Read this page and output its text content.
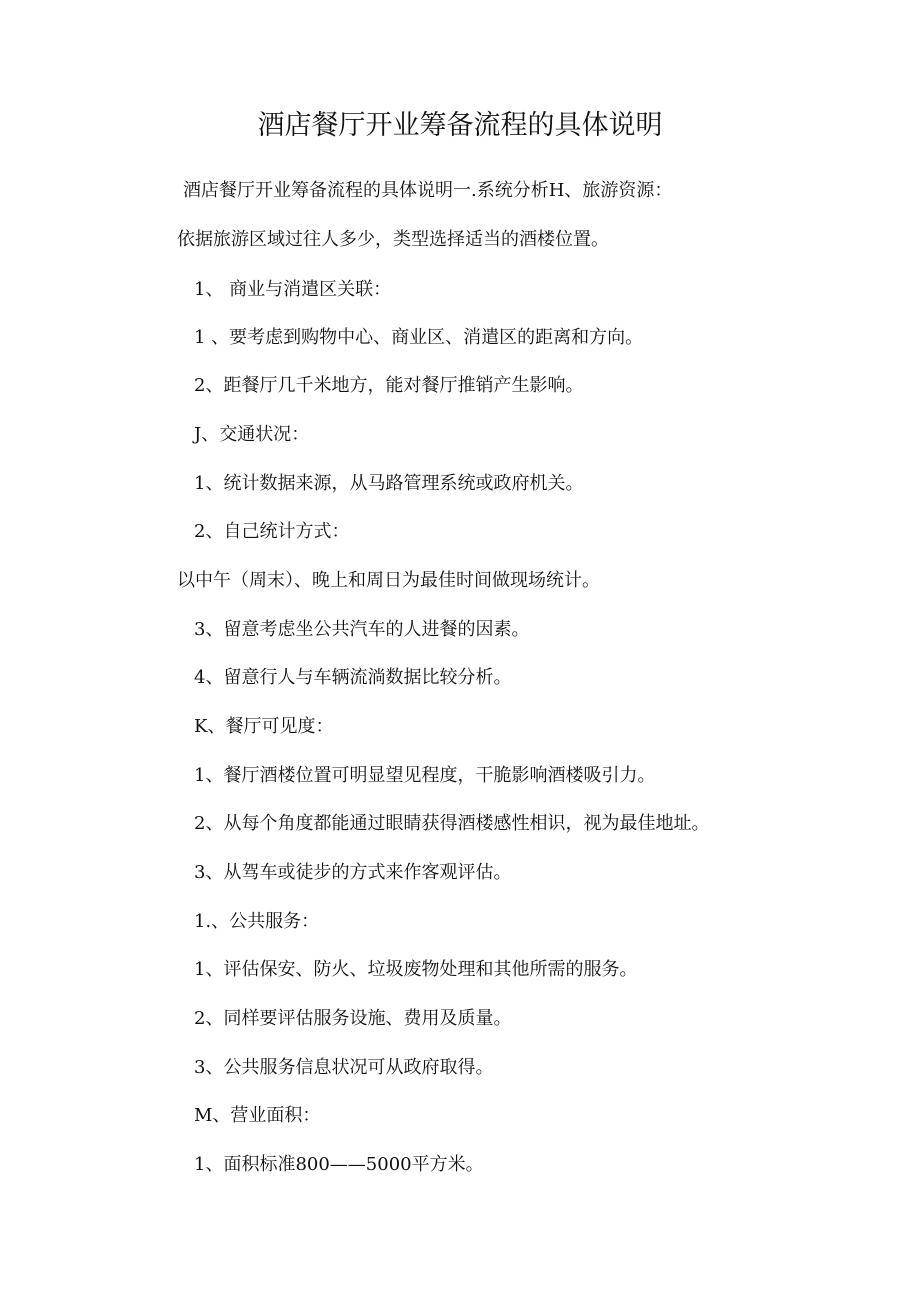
酒店餐厅开业筹备流程的具体说明
酒店餐厅开业筹备流程的具体说明一.系统分析H、旅游资源：
依据旅游区域过往人多少，类型选择适当的酒楼位置。
1、 商业与消遣区关联：
1 、要考虑到购物中心、商业区、消遣区的距离和方向。
2、距餐厅几千米地方，能对餐厅推销产生影响。
J、交通状况：
1、统计数据来源，从马路管理系统或政府机关。
2、自己统计方式：
以中午（周末）、晚上和周日为最佳时间做现场统计。
3、留意考虑坐公共汽车的人进餐的因素。
4、留意行人与车辆流淌数据比较分析。
K、餐厅可见度：
1、餐厅酒楼位置可明显望见程度，干脆影响酒楼吸引力。
2、从每个角度都能通过眼睛获得酒楼感性相识，视为最佳地址。
3、从驾车或徒步的方式来作客观评估。
1.、公共服务：
1、评估保安、防火、垃圾废物处理和其他所需的服务。
2、同样要评估服务设施、费用及质量。
3、公共服务信息状况可从政府取得。
M、营业面积：
1、面积标准800——5000平方米。
